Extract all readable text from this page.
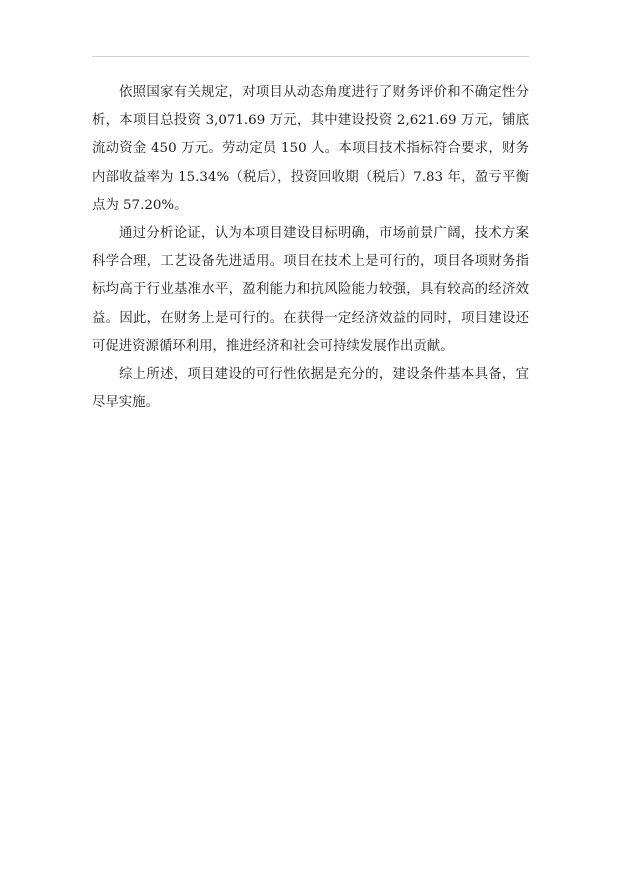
依照国家有关规定，对项目从动态角度进行了财务评价和不确定性分析，本项目总投资 3,071.69 万元，其中建设投资 2,621.69 万元，铺底流动资金 450 万元。劳动定员 150 人。本项目技术指标符合要求，财务内部收益率为 15.34%（税后），投资回收期（税后）7.83 年，盈亏平衡点为 57.20%。

通过分析论证，认为本项目建设目标明确，市场前景广阔，技术方案科学合理，工艺设备先进适用。项目在技术上是可行的，项目各项财务指标均高于行业基准水平，盈利能力和抗风险能力较强，具有较高的经济效益。因此，在财务上是可行的。在获得一定经济效益的同时，项目建设还可促进资源循环利用，推进经济和社会可持续发展作出贡献。

综上所述，项目建设的可行性依据是充分的，建设条件基本具备，宜尽早实施。
